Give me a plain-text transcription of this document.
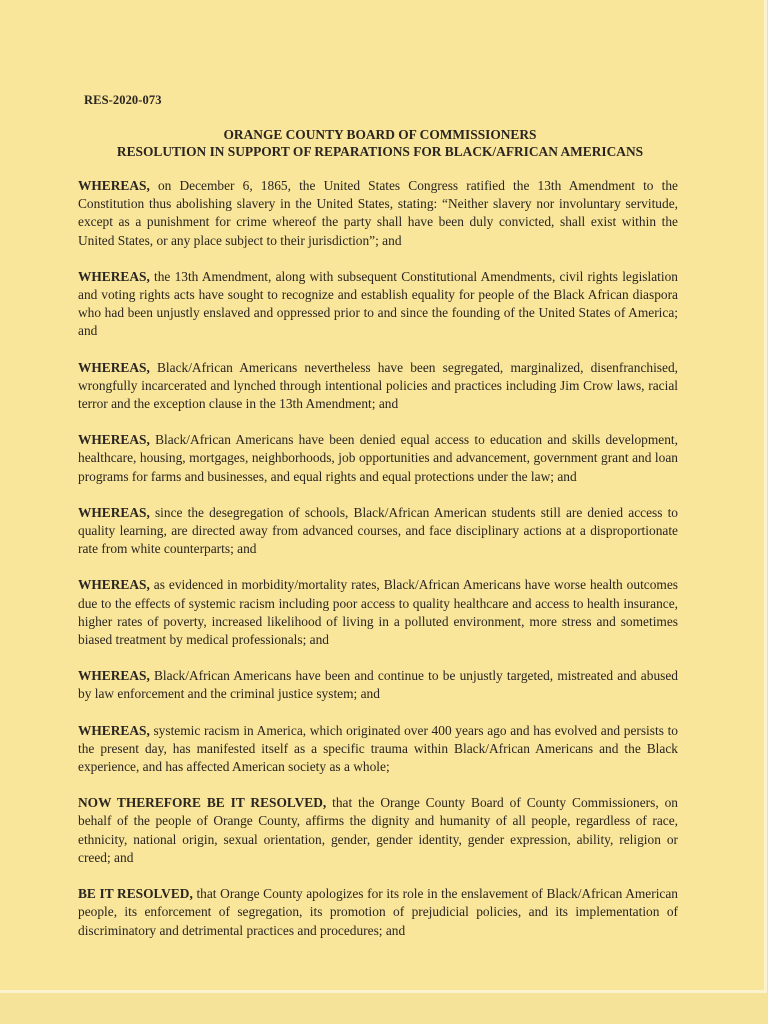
RES-2020-073
ORANGE COUNTY BOARD OF COMMISSIONERS
RESOLUTION IN SUPPORT OF REPARATIONS FOR BLACK/AFRICAN AMERICANS

WHEREAS, on December 6, 1865, the United States Congress ratified the 13th Amendment to the Constitution thus abolishing slavery in the United States, stating: “Neither slavery nor involuntary servitude, except as a punishment for crime whereof the party shall have been duly convicted, shall exist within the United States, or any place subject to their jurisdiction”; and

WHEREAS, the 13th Amendment, along with subsequent Constitutional Amendments, civil rights legislation and voting rights acts have sought to recognize and establish equality for people of the Black African diaspora who had been unjustly enslaved and oppressed prior to and since the founding of the United States of America; and

WHEREAS, Black/African Americans nevertheless have been segregated, marginalized, disenfranchised, wrongfully incarcerated and lynched through intentional policies and practices including Jim Crow laws, racial terror and the exception clause in the 13th Amendment; and

WHEREAS, Black/African Americans have been denied equal access to education and skills development, healthcare, housing, mortgages, neighborhoods, job opportunities and advancement, government grant and loan programs for farms and businesses, and equal rights and equal protections under the law; and

WHEREAS, since the desegregation of schools, Black/African American students still are denied access to quality learning, are directed away from advanced courses, and face disciplinary actions at a disproportionate rate from white counterparts; and

WHEREAS, as evidenced in morbidity/mortality rates, Black/African Americans have worse health outcomes due to the effects of systemic racism including poor access to quality healthcare and access to health insurance, higher rates of poverty, increased likelihood of living in a polluted environment, more stress and sometimes biased treatment by medical professionals; and

WHEREAS, Black/African Americans have been and continue to be unjustly targeted, mistreated and abused by law enforcement and the criminal justice system; and

WHEREAS, systemic racism in America, which originated over 400 years ago and has evolved and persists to the present day, has manifested itself as a specific trauma within Black/African Americans and the Black experience, and has affected American society as a whole;

NOW THEREFORE BE IT RESOLVED, that the Orange County Board of County Commissioners, on behalf of the people of Orange County, affirms the dignity and humanity of all people, regardless of race, ethnicity, national origin, sexual orientation, gender, gender identity, gender expression, ability, religion or creed; and

BE IT RESOLVED, that Orange County apologizes for its role in the enslavement of Black/African American people, its enforcement of segregation, its promotion of prejudicial policies, and its implementation of discriminatory and detrimental practices and procedures; and
